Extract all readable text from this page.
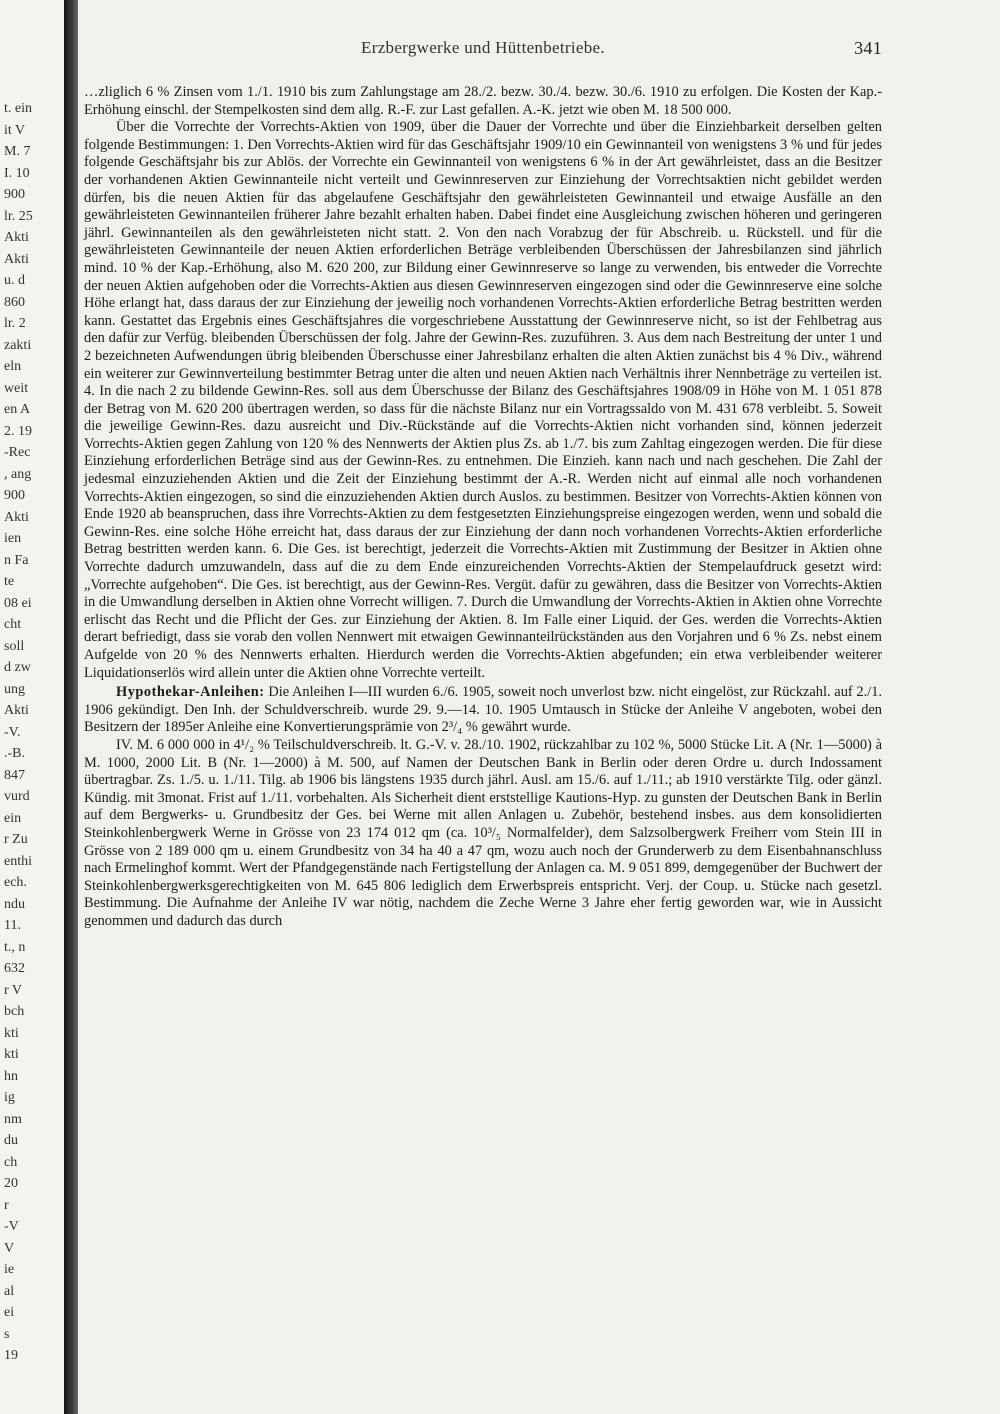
t. ein
it V
M. 7
I. 10
900
lr. 25
Akti
Akti
u. d
860
lr. 2
zakti
eln
weit
en A
2. 19
-Rec
, ang
900
Akti
ien
n Fa
te
08 ei
cht
soll
d zw
ung
Akti
-V.
.-B.
847
vurd
ein
r Zu
enthi
ech.
ndu
11.
t., n
632
r V
bch
kti
kti
hn
ig
nm
du
ch
20
r
-V
V
ie
al
ei
s
19
Erzbergwerke und Hüttenbetriebe.	341

…zliglich 6 % Zinsen vom 1./1. 1910 bis zum Zahlungstage am 28./2. bezw. 30./4. bezw. 30./6. 1910 zu erfolgen. Die Kosten der Kap.-Erhöhung einschl. der Stempelkosten sind dem allg. R.-F. zur Last gefallen. A.-K. jetzt wie oben M. 18 500 000.

Über die Vorrechte der Vorrechts-Aktien von 1909, über die Dauer der Vorrechte und über die Einziehbarkeit derselben gelten folgende Bestimmungen: 1. Den Vorrechts-Aktien wird für das Geschäftsjahr 1909/10 ein Gewinnanteil von wenigstens 3 % und für jedes folgende Geschäftsjahr bis zur Ablös. der Vorrechte ein Gewinnanteil von wenigstens 6 % in der Art gewährleistet, dass an die Besitzer der vorhandenen Aktien Gewinnanteile nicht verteilt und Gewinnreserven zur Einziehung der Vorrechtsaktien nicht gebildet werden dürfen, bis die neuen Aktien für das abgelaufene Geschäftsjahr den gewährleisteten Gewinnanteil und etwaige Ausfälle an den gewährleisteten Gewinnanteilen früherer Jahre bezahlt erhalten haben. Dabei findet eine Ausgleichung zwischen höheren und geringeren jährl. Gewinnanteilen als den gewährleisteten nicht statt. 2. Von den nach Vorabzug der für Abschreib. u. Rückstell. und für die gewährleisteten Gewinnanteile der neuen Aktien erforderlichen Beträge verbleibenden Überschüssen der Jahresbilanzen sind jährlich mind. 10 % der Kap.-Erhöhung, also M. 620 200, zur Bildung einer Gewinnreserve so lange zu verwenden, bis entweder die Vorrechte der neuen Aktien aufgehoben oder die Vorrechts-Aktien aus diesen Gewinnreserven eingezogen sind oder die Gewinnreserve eine solche Höhe erlangt hat, dass daraus der zur Einziehung der jeweilig noch vorhandenen Vorrechts-Aktien erforderliche Betrag bestritten werden kann. Gestattet das Ergebnis eines Geschäftsjahres die vorgeschriebene Ausstattung der Gewinnreserve nicht, so ist der Fehlbetrag aus den dafür zur Verfüg. bleibenden Überschüssen der folg. Jahre der Gewinn-Res. zuzuführen. 3. Aus dem nach Bestreitung der unter 1 und 2 bezeichneten Aufwendungen übrig bleibenden Überschusse einer Jahresbilanz erhalten die alten Aktien zunächst bis 4 % Div., während ein weiterer zur Gewinnverteilung bestimmter Betrag unter die alten und neuen Aktien nach Verhältnis ihrer Nennbeträge zu verteilen ist. 4. In die nach 2 zu bildende Gewinn-Res. soll aus dem Überschusse der Bilanz des Geschäftsjahres 1908/09 in Höhe von M. 1 051 878 der Betrag von M. 620 200 übertragen werden, so dass für die nächste Bilanz nur ein Vortragssaldo von M. 431 678 verbleibt. 5. Soweit die jeweilige Gewinn-Res. dazu ausreicht und Div.-Rückstände auf die Vorrechts-Aktien nicht vorhanden sind, können jederzeit Vorrechts-Aktien gegen Zahlung von 120 % des Nennwerts der Aktien plus Zs. ab 1./7. bis zum Zahltag eingezogen werden. Die für diese Einziehung erforderlichen Beträge sind aus der Gewinn-Res. zu entnehmen. Die Einzieh. kann nach und nach geschehen. Die Zahl der jedesmal einzuziehenden Aktien und die Zeit der Einziehung bestimmt der A.-R. Werden nicht auf einmal alle noch vorhandenen Vorrechts-Aktien eingezogen, so sind die einzuziehenden Aktien durch Auslos. zu bestimmen. Besitzer von Vorrechts-Aktien können von Ende 1920 ab beanspruchen, dass ihre Vorrechts-Aktien zu dem festgesetzten Einziehungspreise eingezogen werden, wenn und sobald die Gewinn-Res. eine solche Höhe erreicht hat, dass daraus der zur Einziehung der dann noch vorhandenen Vorrechts-Aktien erforderliche Betrag bestritten werden kann. 6. Die Ges. ist berechtigt, jederzeit die Vorrechts-Aktien mit Zustimmung der Besitzer in Aktien ohne Vorrechte dadurch umzuwandeln, dass auf die zu dem Ende einzureichenden Vorrechts-Aktien der Stempelaufdruck gesetzt wird: „Vorrechte aufgehoben“. Die Ges. ist berechtigt, aus der Gewinn-Res. Vergüt. dafür zu gewähren, dass die Besitzer von Vorrechts-Aktien in die Umwandlung derselben in Aktien ohne Vorrecht willigen. 7. Durch die Umwandlung der Vorrechts-Aktien in Aktien ohne Vorrechte erlischt das Recht und die Pflicht der Ges. zur Einziehung der Aktien. 8. Im Falle einer Liquid. der Ges. werden die Vorrechts-Aktien derart befriedigt, dass sie vorab den vollen Nennwert mit etwaigen Gewinnanteilrückständen aus den Vorjahren und 6 % Zs. nebst einem Aufgelde von 20 % des Nennwerts erhalten. Hierdurch werden die Vorrechts-Aktien abgefunden; ein etwa verbleibender weiterer Liquidationserlös wird allein unter die Aktien ohne Vorrechte verteilt.

Hypothekar-Anleihen: Die Anleihen I—III wurden 6./6. 1905, soweit noch unverlost bzw. nicht eingelöst, zur Rückzahl. auf 2./1. 1906 gekündigt. Den Inh. der Schuldverschreib. wurde 29. 9.—14. 10. 1905 Umtausch in Stücke der Anleihe V angeboten, wobei den Besitzern der 1895er Anleihe eine Konvertierungsprämie von 2³/₄ % gewährt wurde.

IV. M. 6 000 000 in 4¹/₂ % Teilschuldverschreib. lt. G.-V. v. 28./10. 1902, rückzahlbar zu 102 %, 5000 Stücke Lit. A (Nr. 1—5000) à M. 1000, 2000 Lit. B (Nr. 1—2000) à M. 500, auf Namen der Deutschen Bank in Berlin oder deren Ordre u. durch Indossament übertragbar. Zs. 1./5. u. 1./11. Tilg. ab 1906 bis längstens 1935 durch jährl. Ausl. am 15./6. auf 1./11.; ab 1910 verstärkte Tilg. oder gänzl. Kündig. mit 3monat. Frist auf 1./11. vorbehalten. Als Sicherheit dient erststellige Kautions-Hyp. zu gunsten der Deutschen Bank in Berlin auf dem Bergwerks- u. Grundbesitz der Ges. bei Werne mit allen Anlagen u. Zubehör, bestehend insbes. aus dem konsolidierten Steinkohlenbergwerk Werne in Grösse von 23 174 012 qm (ca. 10³/₅ Normalfelder), dem Salzsolbergwerk Freiherr vom Stein III in Grösse von 2 189 000 qm u. einem Grundbesitz von 34 ha 40 a 47 qm, wozu auch noch der Grunderwerb zu dem Eisenbahnanschluss nach Ermelinghof kommt. Wert der Pfandgegenstände nach Fertigstellung der Anlagen ca. M. 9 051 899, demgegenüber der Buchwert der Steinkohlenbergwerksgerechtigkeiten von M. 645 806 lediglich dem Erwerbspreis entspricht. Verj. der Coup. u. Stücke nach gesetzl. Bestimmung. Die Aufnahme der Anleihe IV war nötig, nachdem die Zeche Werne 3 Jahre eher fertig geworden war, wie in Aussicht genommen und dadurch das durch
